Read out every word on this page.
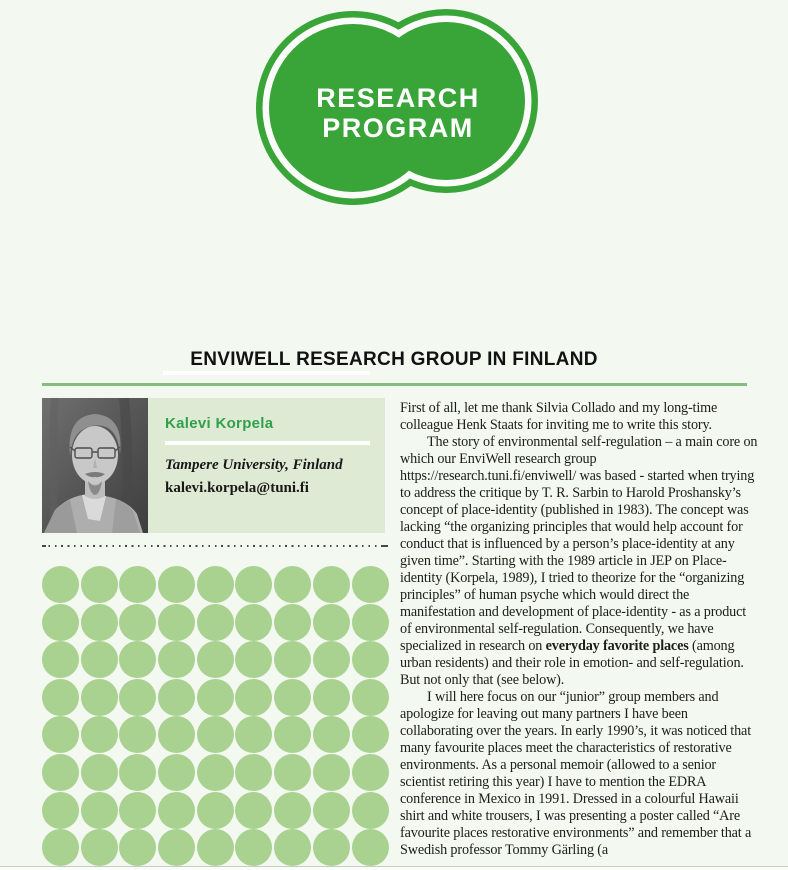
RESEARCH
PROGRAM
ENVIWELL RESEARCH GROUP IN FINLAND
Kalevi Korpela
Tampere University, Finland
kalevi.korpela@tuni.fi

First of all, let me thank Silvia Collado and my long-time colleague Henk Staats for inviting me to write this story.

The story of environmental self-regulation – a main core on which our EnviWell research group https://research.tuni.fi/enviwell/ was based - started when trying to address the critique by T. R. Sarbin to Harold Proshansky’s concept of place-identity (published in 1983). The concept was lacking “the organizing principles that would help account for conduct that is influenced by a person’s place-identity at any given time”. Starting with the 1989 article in JEP on Place-identity (Korpela, 1989), I tried to theorize for the “organizing principles” of human psyche which would direct the manifestation and development of place-identity - as a product of environmental self-regulation. Consequently, we have specialized in research on everyday favorite places (among urban residents) and their role in emotion- and self-regulation. But not only that (see below).

I will here focus on our “junior” group members and apologize for leaving out many partners I have been collaborating over the years. In early 1990’s, it was noticed that many favourite places meet the characteristics of restorative environments. As a personal memoir (allowed to a senior scientist retiring this year) I have to mention the EDRA conference in Mexico in 1991. Dressed in a colourful Hawaii shirt and white trousers, I was presenting a poster called “Are favourite places restorative environments” and remember that a Swedish professor Tommy Gärling (a
